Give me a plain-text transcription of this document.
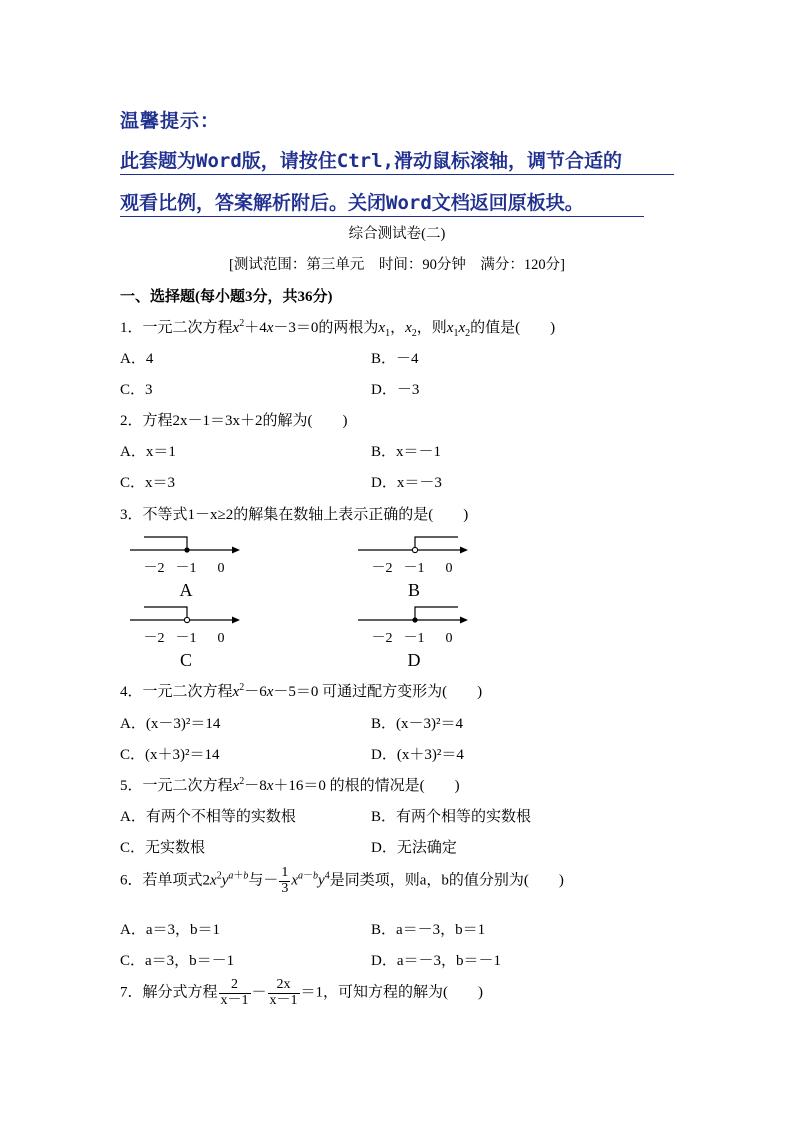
温馨提示：
此套题为Word版，请按住Ctrl,滑动鼠标滚轴，调节合适的
观看比例，答案解析附后。关闭Word文档返回原板块。
综合测试卷(二)
[测试范围：第三单元　时间：90分钟　满分：120分]
一、选择题(每小题3分，共36分)
1．一元二次方程$x^2+4x-3=0$的两根为$x_1$，$x_2$，则$x_1x_2$的值是(　　)
A．4	B．－4
C．3	D．－3
2．方程2x－1＝3x＋2的解为(　　)
A．x＝1	B．x＝－1
C．x＝3	D．x＝－3
3．不等式1－x≥2的解集在数轴上表示正确的是(　　)
－2 －1 0
A
－2 －1 0
B
－2 －1 0
C
－2 －1 0
D
4．一元二次方程$x^2-6x-5=0$ 可通过配方变形为(　　)
A．(x－3)²＝14	B．(x－3)²＝4
C．(x＋3)²＝14	D．(x＋3)²＝4
5．一元二次方程$x^2-8x+16=0$ 的根的情况是(　　)
A．有两个不相等的实数根	B．有两个相等的实数根
C．无实数根	D．无法确定
6．若单项式$2x^2y^{a+b}$与－ $\frac{1}{3} x^{a-b}y^4$是同类项，则a，b的值分别为(　　)
A．a＝3，b＝1	B．a＝－3，b＝1
C．a＝3，b＝－1	D．a＝－3，b＝－1
7．解分式方程 $\frac{2}{x-1} - \frac{2x}{x-1} =1$，可知方程的解为(　　)
